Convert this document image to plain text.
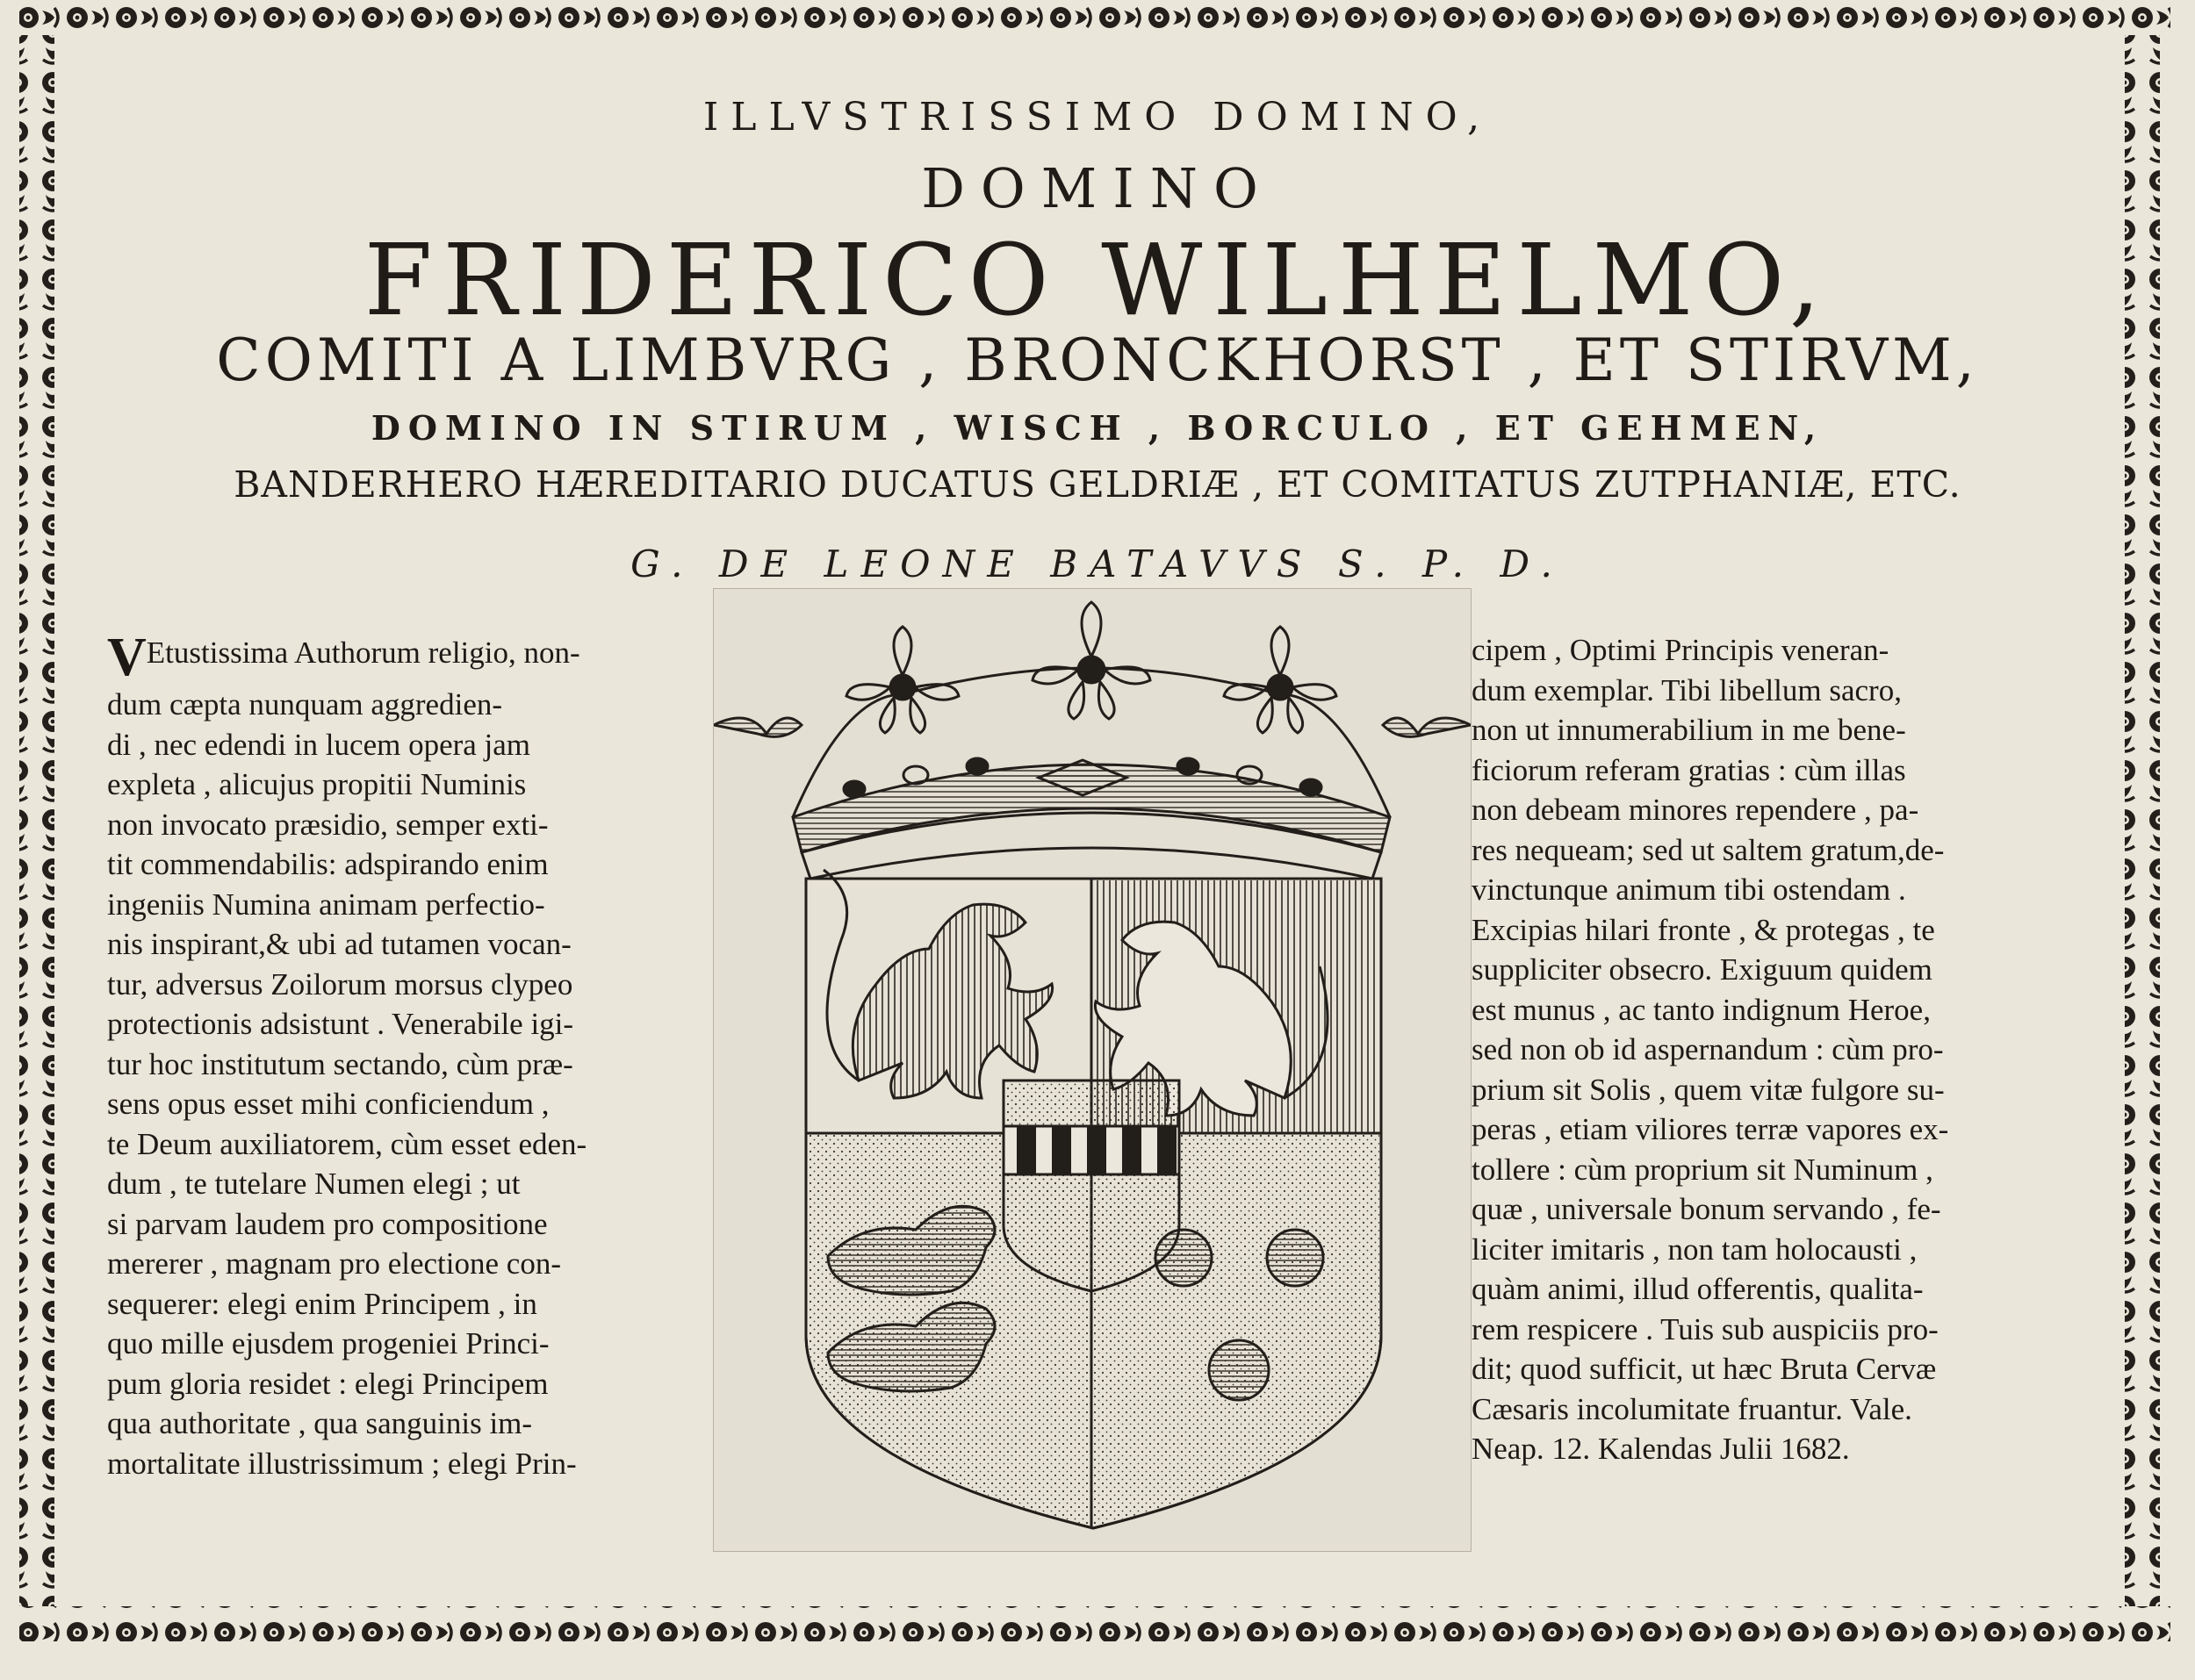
ILLVSTRISSIMO DOMINO,
DOMINO
FRIDERICO WILHELMO,
COMITI A LIMBVRG , BRONCKHORST , ET STIRVM,
DOMINO IN STIRUM , WISCH , BORCULO , ET GEHMEN,
BANDERHERO HÆREDITARIO DUCATUS GELDRIÆ , ET COMITATUS ZUTPHANIÆ, ETC.
G. DE LEONE BATAVVS S. P. D.
VEtustissima Authorum religio, non-
dum cæpta nunquam aggredien-
di , nec edendi in lucem opera jam
expleta , alicujus propitii Numinis
non invocato præsidio, semper exti-
tit commendabilis: adspirando enim
ingeniis Numina animam perfectio-
nis inspirant,& ubi ad tutamen vocan-
tur, adversus Zoilorum morsus clypeo
protectionis adsistunt . Venerabile igi-
tur hoc institutum sectando, cùm præ-
sens opus esset mihi conficiendum ,
te Deum auxiliatorem, cùm esset eden-
dum , te tutelare Numen elegi ; ut
si parvam laudem pro compositione
mererer , magnam pro electione con-
sequerer: elegi enim Principem , in
quo mille ejusdem progeniei Princi-
pum gloria residet : elegi Principem
qua authoritate , qua sanguinis im-
mortalitate illustrissimum ; elegi Prin-
cipem , Optimi Principis veneran-
dum exemplar. Tibi libellum sacro,
non ut innumerabilium in me bene-
ficiorum referam gratias : cùm illas
non debeam minores rependere , pa-
res nequeam; sed ut saltem gratum,de-
vinctunque animum tibi ostendam .
Excipias hilari fronte , & protegas , te
suppliciter obsecro. Exiguum quidem
est munus , ac tanto indignum Heroe,
sed non ob id aspernandum : cùm pro-
prium sit Solis , quem vitæ fulgore su-
peras , etiam viliores terræ vapores ex-
tollere : cùm proprium sit Numinum ,
quæ , universale bonum servando , fe-
liciter imitaris , non tam holocausti ,
quàm animi, illud offerentis, qualita-
rem respicere . Tuis sub auspiciis pro-
dit; quod sufficit, ut hæc Bruta Cervæ
Cæsaris incolumitate fruantur. Vale.
Neap. 12. Kalendas Julii 1682.
